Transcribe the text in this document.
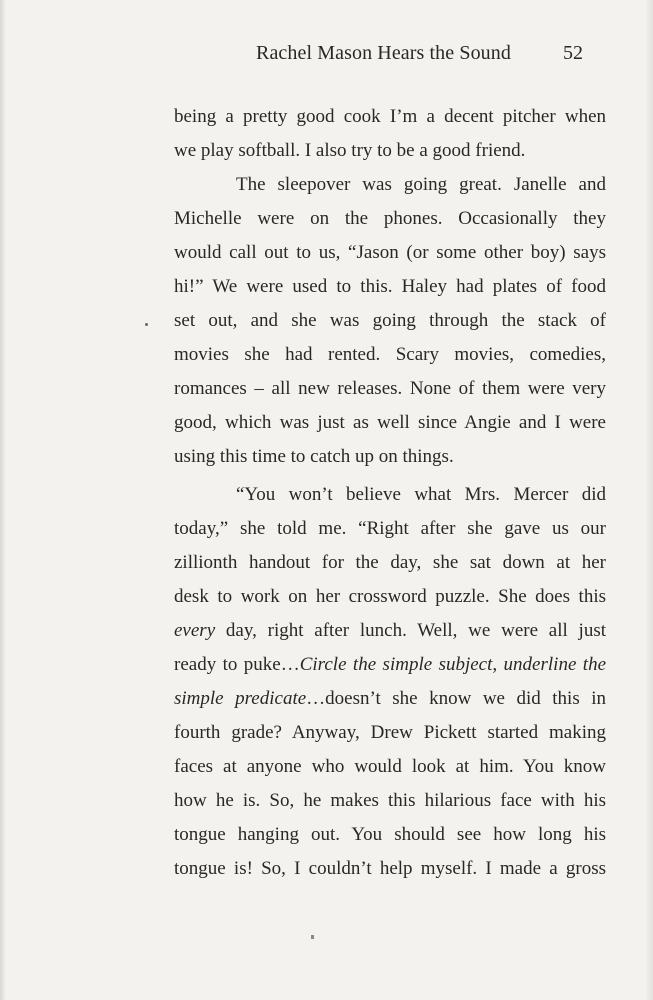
Rachel Mason Hears the Sound	52
being a pretty good cook I’m a decent pitcher when
we play softball. I also try to be a good friend.
The sleepover was going great. Janelle and
Michelle were on the phones. Occasionally they
would call out to us, “Jason (or some other boy) says
hi!” We were used to this. Haley had plates of food
set out, and she was going through the stack of
movies she had rented. Scary movies, comedies,
romances – all new releases. None of them were very
good, which was just as well since Angie and I were
using this time to catch up on things.
“You won’t believe what Mrs. Mercer did
today,” she told me. “Right after she gave us our
zillionth handout for the day, she sat down at her
desk to work on her crossword puzzle. She does this
every day, right after lunch. Well, we were all just
ready to puke…Circle the simple subject, underline the
simple predicate…doesn’t she know we did this in
fourth grade? Anyway, Drew Pickett started making
faces at anyone who would look at him. You know
how he is. So, he makes this hilarious face with his
tongue hanging out. You should see how long his
tongue is! So, I couldn’t help myself. I made a gross
